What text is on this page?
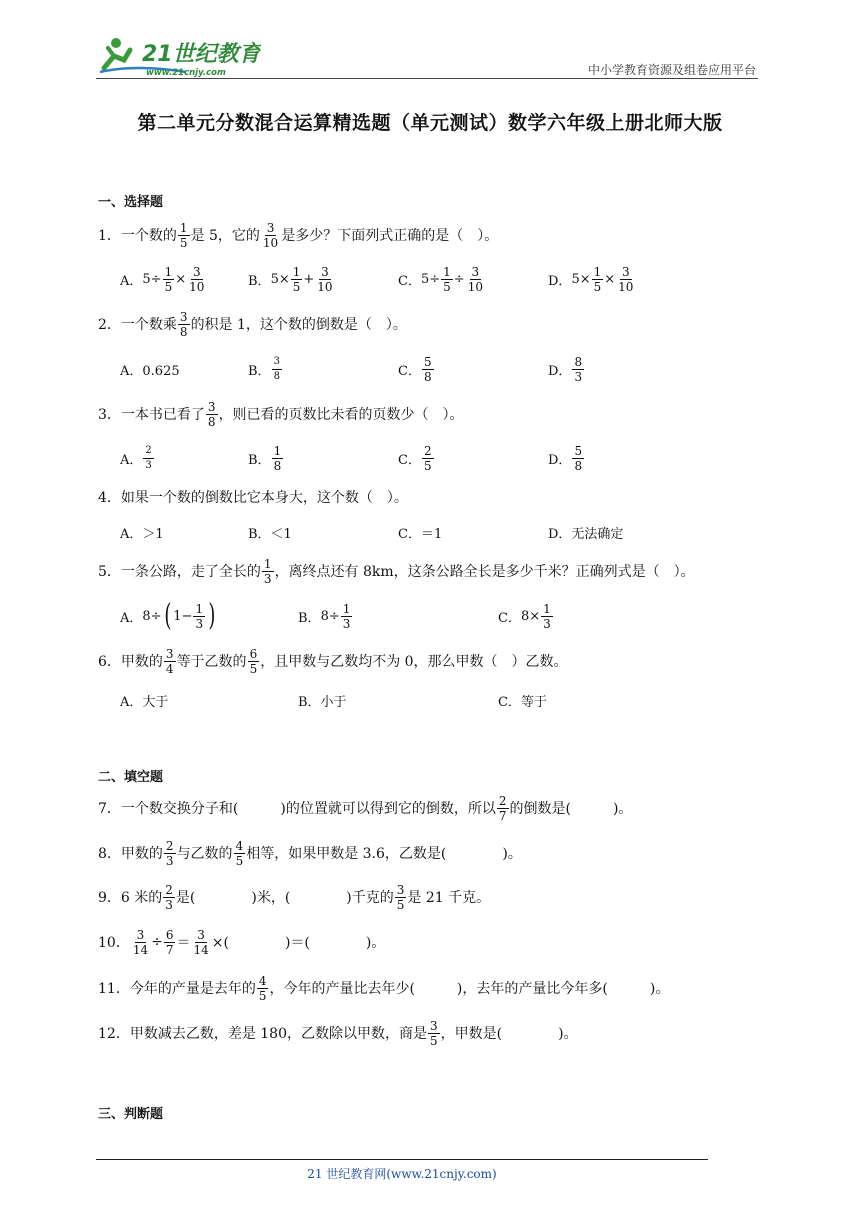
21世纪教育
www.21cnjy.com	中小学教育资源及组卷应用平台
第二单元分数混合运算精选题（单元测试）数学六年级上册北师大版
一、选择题
1． 一个数的 $\frac{1}{5}$ 是 5，它的 $\frac{3}{10}$ 是多少？下面列式正确的是（　）。
A． $5 \div \frac{1}{5} \times \frac{3}{10}$	B． $5 \times \frac{1}{5} + \frac{3}{10}$	C． $5 \div \frac{1}{5} \div \frac{3}{10}$	D． $5 \times \frac{1}{5} \times \frac{3}{10}$
2． 一个数乘 $\frac{3}{8}$ 的积是 1，这个数的倒数是（　）。
A．0.625	B． $\frac{3}{8}$	C． $\frac{5}{8}$	D． $\frac{8}{3}$
3． 一本书已看了 $\frac{3}{8}$ ，则已看的页数比未看的页数少（　）。
A． $\frac{2}{3}$	B． $\frac{1}{8}$	C． $\frac{2}{5}$	D． $\frac{5}{8}$
4． 如果一个数的倒数比它本身大，这个数（　）。
A．＞1	B．＜1	C．＝1	D．无法确定
5． 一条公路，走了全长的 $\frac{1}{3}$ ，离终点还有 8km，这条公路全长是多少千米？正确列式是（　）。
A． 8÷ ( $1- \frac{1}{3}$ )	B． $8\div \frac{1}{3}$	C． $8\times \frac{1}{3}$
6． 甲数的 $\frac{3}{4}$ 等于乙数的 $\frac{6}{5}$ ，且甲数与乙数均不为 0，那么甲数（　）乙数。
A．大于	B．小于	C．等于
二、填空题
7． 一个数交换分子和(　　　)的位置就可以得到它的倒数，所以 $\frac{2}{7}$ 的倒数是(　　　)。
8． 甲数的 $\frac{2}{3}$ 与乙数的 $\frac{4}{5}$ 相等，如果甲数是 3.6，乙数是(　　　　)。
9． 6 米的 $\frac{2}{3}$ 是(　　　　)米，(　　　　)千克的 $\frac{3}{5}$ 是 21 千克。
10． $\frac{3}{14} \div \frac{6}{7} = \frac{3}{14}$ ×(　　　　)＝(　　　　)。
11． 今年的产量是去年的 $\frac{4}{5}$ ，今年的产量比去年少(　　　)，去年的产量比今年多(　　　)。
12． 甲数减去乙数，差是 180，乙数除以甲数，商是 $\frac{3}{5}$ ，甲数是(　　　　)。
三、判断题
21 世纪教育网(www.21cnjy.com)
